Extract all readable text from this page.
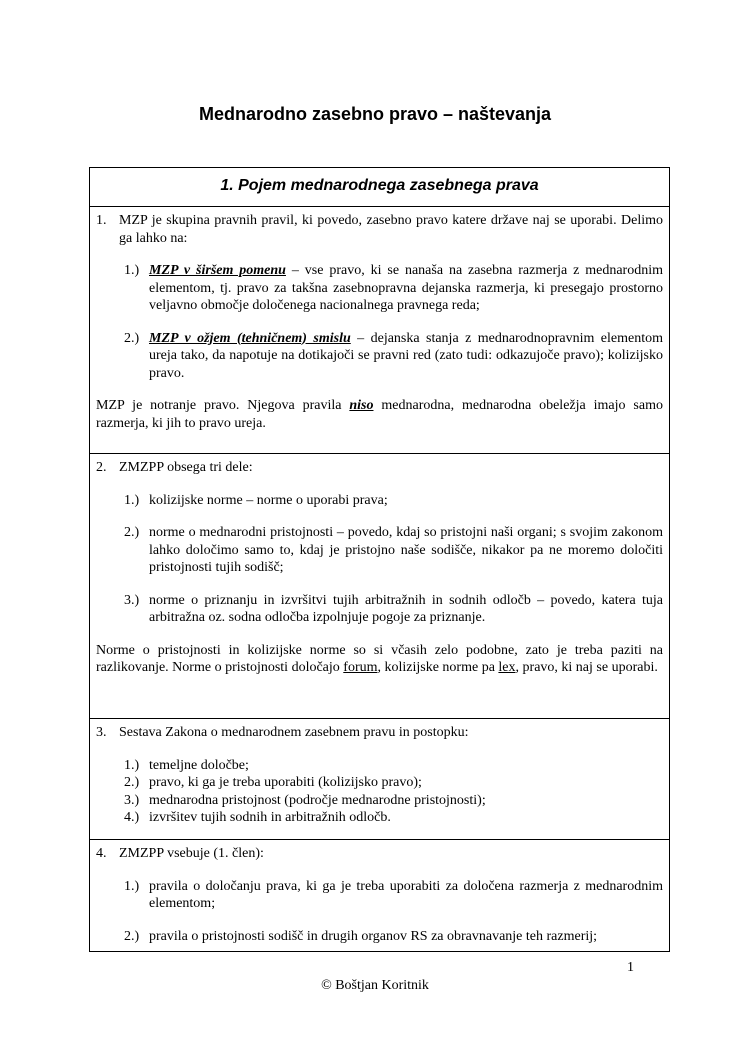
Mednarodno zasebno pravo – naštevanja
1. Pojem mednarodnega zasebnega prava
1. MZP je skupina pravnih pravil, ki povedo, zasebno pravo katere države naj se uporabi. Delimo ga lahko na:
1.) MZP v širšem pomenu – vse pravo, ki se nanaša na zasebna razmerja z mednarodnim elementom, tj. pravo za takšna zasebnopravna dejanska razmerja, ki presegajo prostorno veljavno območje določenega nacionalnega pravnega reda;
2.) MZP v ožjem (tehničnem) smislu – dejanska stanja z mednarodnopravnim elementom ureja tako, da napotuje na dotikajoči se pravni red (zato tudi: odkazujoče pravo); kolizijsko pravo.
MZP je notranje pravo. Njegova pravila niso mednarodna, mednarodna obeležja imajo samo razmerja, ki jih to pravo ureja.
2. ZMZPP obsega tri dele:
1.) kolizijske norme – norme o uporabi prava;
2.) norme o mednarodni pristojnosti – povedo, kdaj so pristojni naši organi; s svojim zakonom lahko določimo samo to, kdaj je pristojno naše sodišče, nikakor pa ne moremo določiti pristojnosti tujih sodišč;
3.) norme o priznanju in izvršitvi tujih arbitražnih in sodnih odločb – povedo, katera tuja arbitražna oz. sodna odločba izpolnjuje pogoje za priznanje.
Norme o pristojnosti in kolizijske norme so si včasih zelo podobne, zato je treba paziti na razlikovanje. Norme o pristojnosti določajo forum, kolizijske norme pa lex, pravo, ki naj se uporabi.
3. Sestava Zakona o mednarodnem zasebnem pravu in postopku:
1.) temeljne določbe;
2.) pravo, ki ga je treba uporabiti (kolizijsko pravo);
3.) mednarodna pristojnost (področje mednarodne pristojnosti);
4.) izvršitev tujih sodnih in arbitražnih odločb.
4. ZMZPP vsebuje (1. člen):
1.) pravila o določanju prava, ki ga je treba uporabiti za določena razmerja z mednarodnim elementom;
2.) pravila o pristojnosti sodišč in drugih organov RS za obravnavanje teh razmerij;
1
© Boštjan Koritnik
